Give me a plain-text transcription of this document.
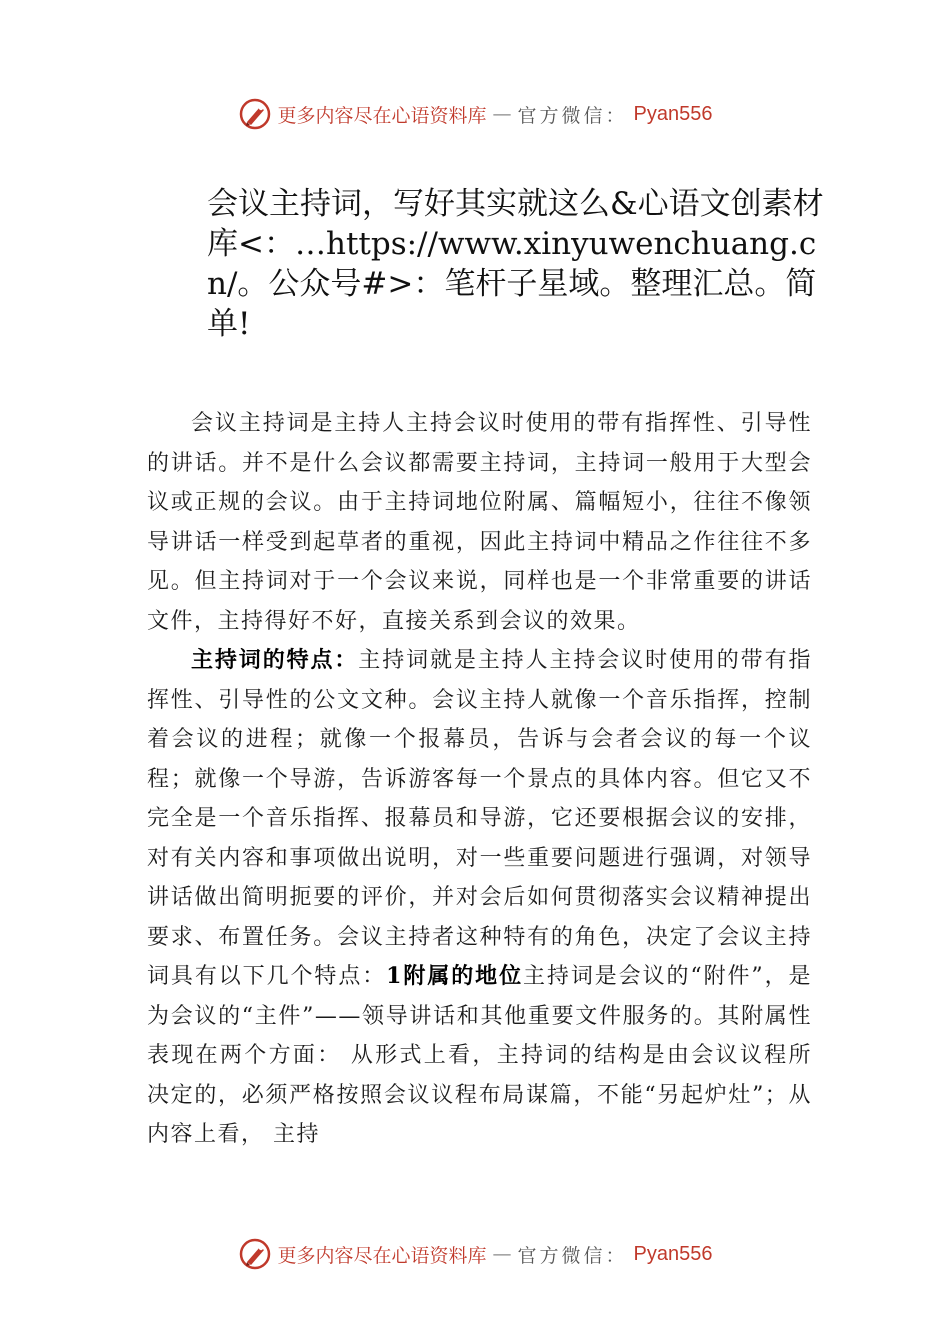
更多内容尽在心语资料库 — 官方微信： Pyan556
会议主持词，写好其实就这么&心语文创素材库<：…https://www.xinyuwenchuang.cn/。公众号#>：笔杆子星域。整理汇总。简单!

会议主持词是主持人主持会议时使用的带有指挥性、引导性的讲话。并不是什么会议都需要主持词，主持词一般用于大型会议或正规的会议。由于主持词地位附属、篇幅短小，往往不像领导讲话一样受到起草者的重视，因此主持词中精品之作往往不多见。但主持词对于一个会议来说，同样也是一个非常重要的讲话文件，主持得好不好，直接关系到会议的效果。

主持词的特点：主持词就是主持人主持会议时使用的带有指挥性、引导性的公文文种。会议主持人就像一个音乐指挥，控制着会议的进程；就像一个报幕员，告诉与会者会议的每一个议程；就像一个导游，告诉游客每一个景点的具体内容。但它又不完全是一个音乐指挥、报幕员和导游，它还要根据会议的安排，对有关内容和事项做出说明，对一些重要问题进行强调，对领导讲话做出简明扼要的评价，并对会后如何贯彻落实会议精神提出要求、布置任务。会议主持者这种特有的角色，决定了会议主持词具有以下几个特点：1附属的地位主持词是会议的“附件”，是为会议的“主件”——领导讲话和其他重要文件服务的。其附属性表现在两个方面： 从形式上看，主持词的结构是由会议议程所决定的，必须严格按照会议议程布局谋篇，不能“另起炉灶”；从内容上看， 主持

更多内容尽在心语资料库 — 官方微信： Pyan556
